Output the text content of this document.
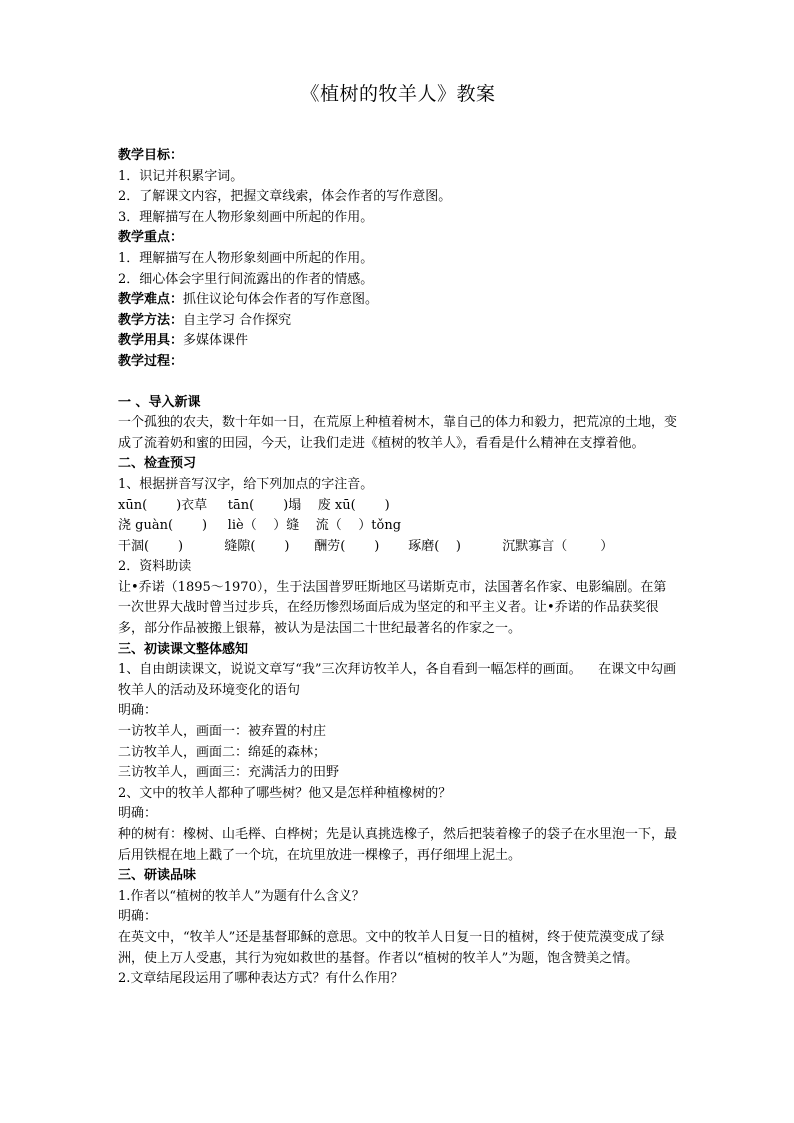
《植树的牧羊人》教案
教学目标：
1．识记并积累字词。
2．了解课文内容，把握文章线索，体会作者的写作意图。
3．理解描写在人物形象刻画中所起的作用。
教学重点：
1．理解描写在人物形象刻画中所起的作用。
2．细心体会字里行间流露出的作者的情感。
教学难点：抓住议论句体会作者的写作意图。
教学方法：自主学习 合作探究
教学用具：多媒体课件
教学过程：
一 、导入新课
一个孤独的农夫，数十年如一日，在荒原上种植着树木，靠自己的体力和毅力，把荒凉的土地，变成了流着奶和蜜的田园，今天，让我们走进《植树的牧羊人》，看看是什么精神在支撑着他。
二、检查预习
1、根据拼音写汉字，给下列加点的字注音。
xūn(       )衣草     tān(       )塌    废 xū(       )
浇 guàn(       )     liè（    ）缝    流（    ）tǒng
干涸(       )          缝隙(       )      酬劳(       )       琢磨(    )          沉默寡言（        ）
2．资料助读
让•乔诺（1895～1970），生于法国普罗旺斯地区马诺斯克市，法国著名作家、电影编剧。在第一次世界大战时曾当过步兵，在经历惨烈场面后成为坚定的和平主义者。让•乔诺的作品获奖很多，部分作品被搬上银幕，被认为是法国二十世纪最著名的作家之一。
三、初读课文整体感知
1、自由朗读课文，说说文章写“我”三次拜访牧羊人，各自看到一幅怎样的画面。    在课文中勾画牧羊人的活动及环境变化的语句
明确：
一访牧羊人，画面一：被弃置的村庄
二访牧羊人，画面二：绵延的森林；
三访牧羊人，画面三：充满活力的田野
2、文中的牧羊人都种了哪些树？他又是怎样种植橡树的？
明确：
种的树有：橡树、山毛榉、白桦树；先是认真挑选橡子，然后把装着橡子的袋子在水里泡一下，最后用铁棍在地上戳了一个坑，在坑里放进一棵橡子，再仔细埋上泥土。
三、研读品味
1.作者以“植树的牧羊人”为题有什么含义？
明确：
在英文中，“牧羊人”还是基督耶稣的意思。文中的牧羊人日复一日的植树，终于使荒漠变成了绿洲，使上万人受惠，其行为宛如救世的基督。作者以“植树的牧羊人”为题，饱含赞美之情。
2.文章结尾段运用了哪种表达方式？有什么作用？
